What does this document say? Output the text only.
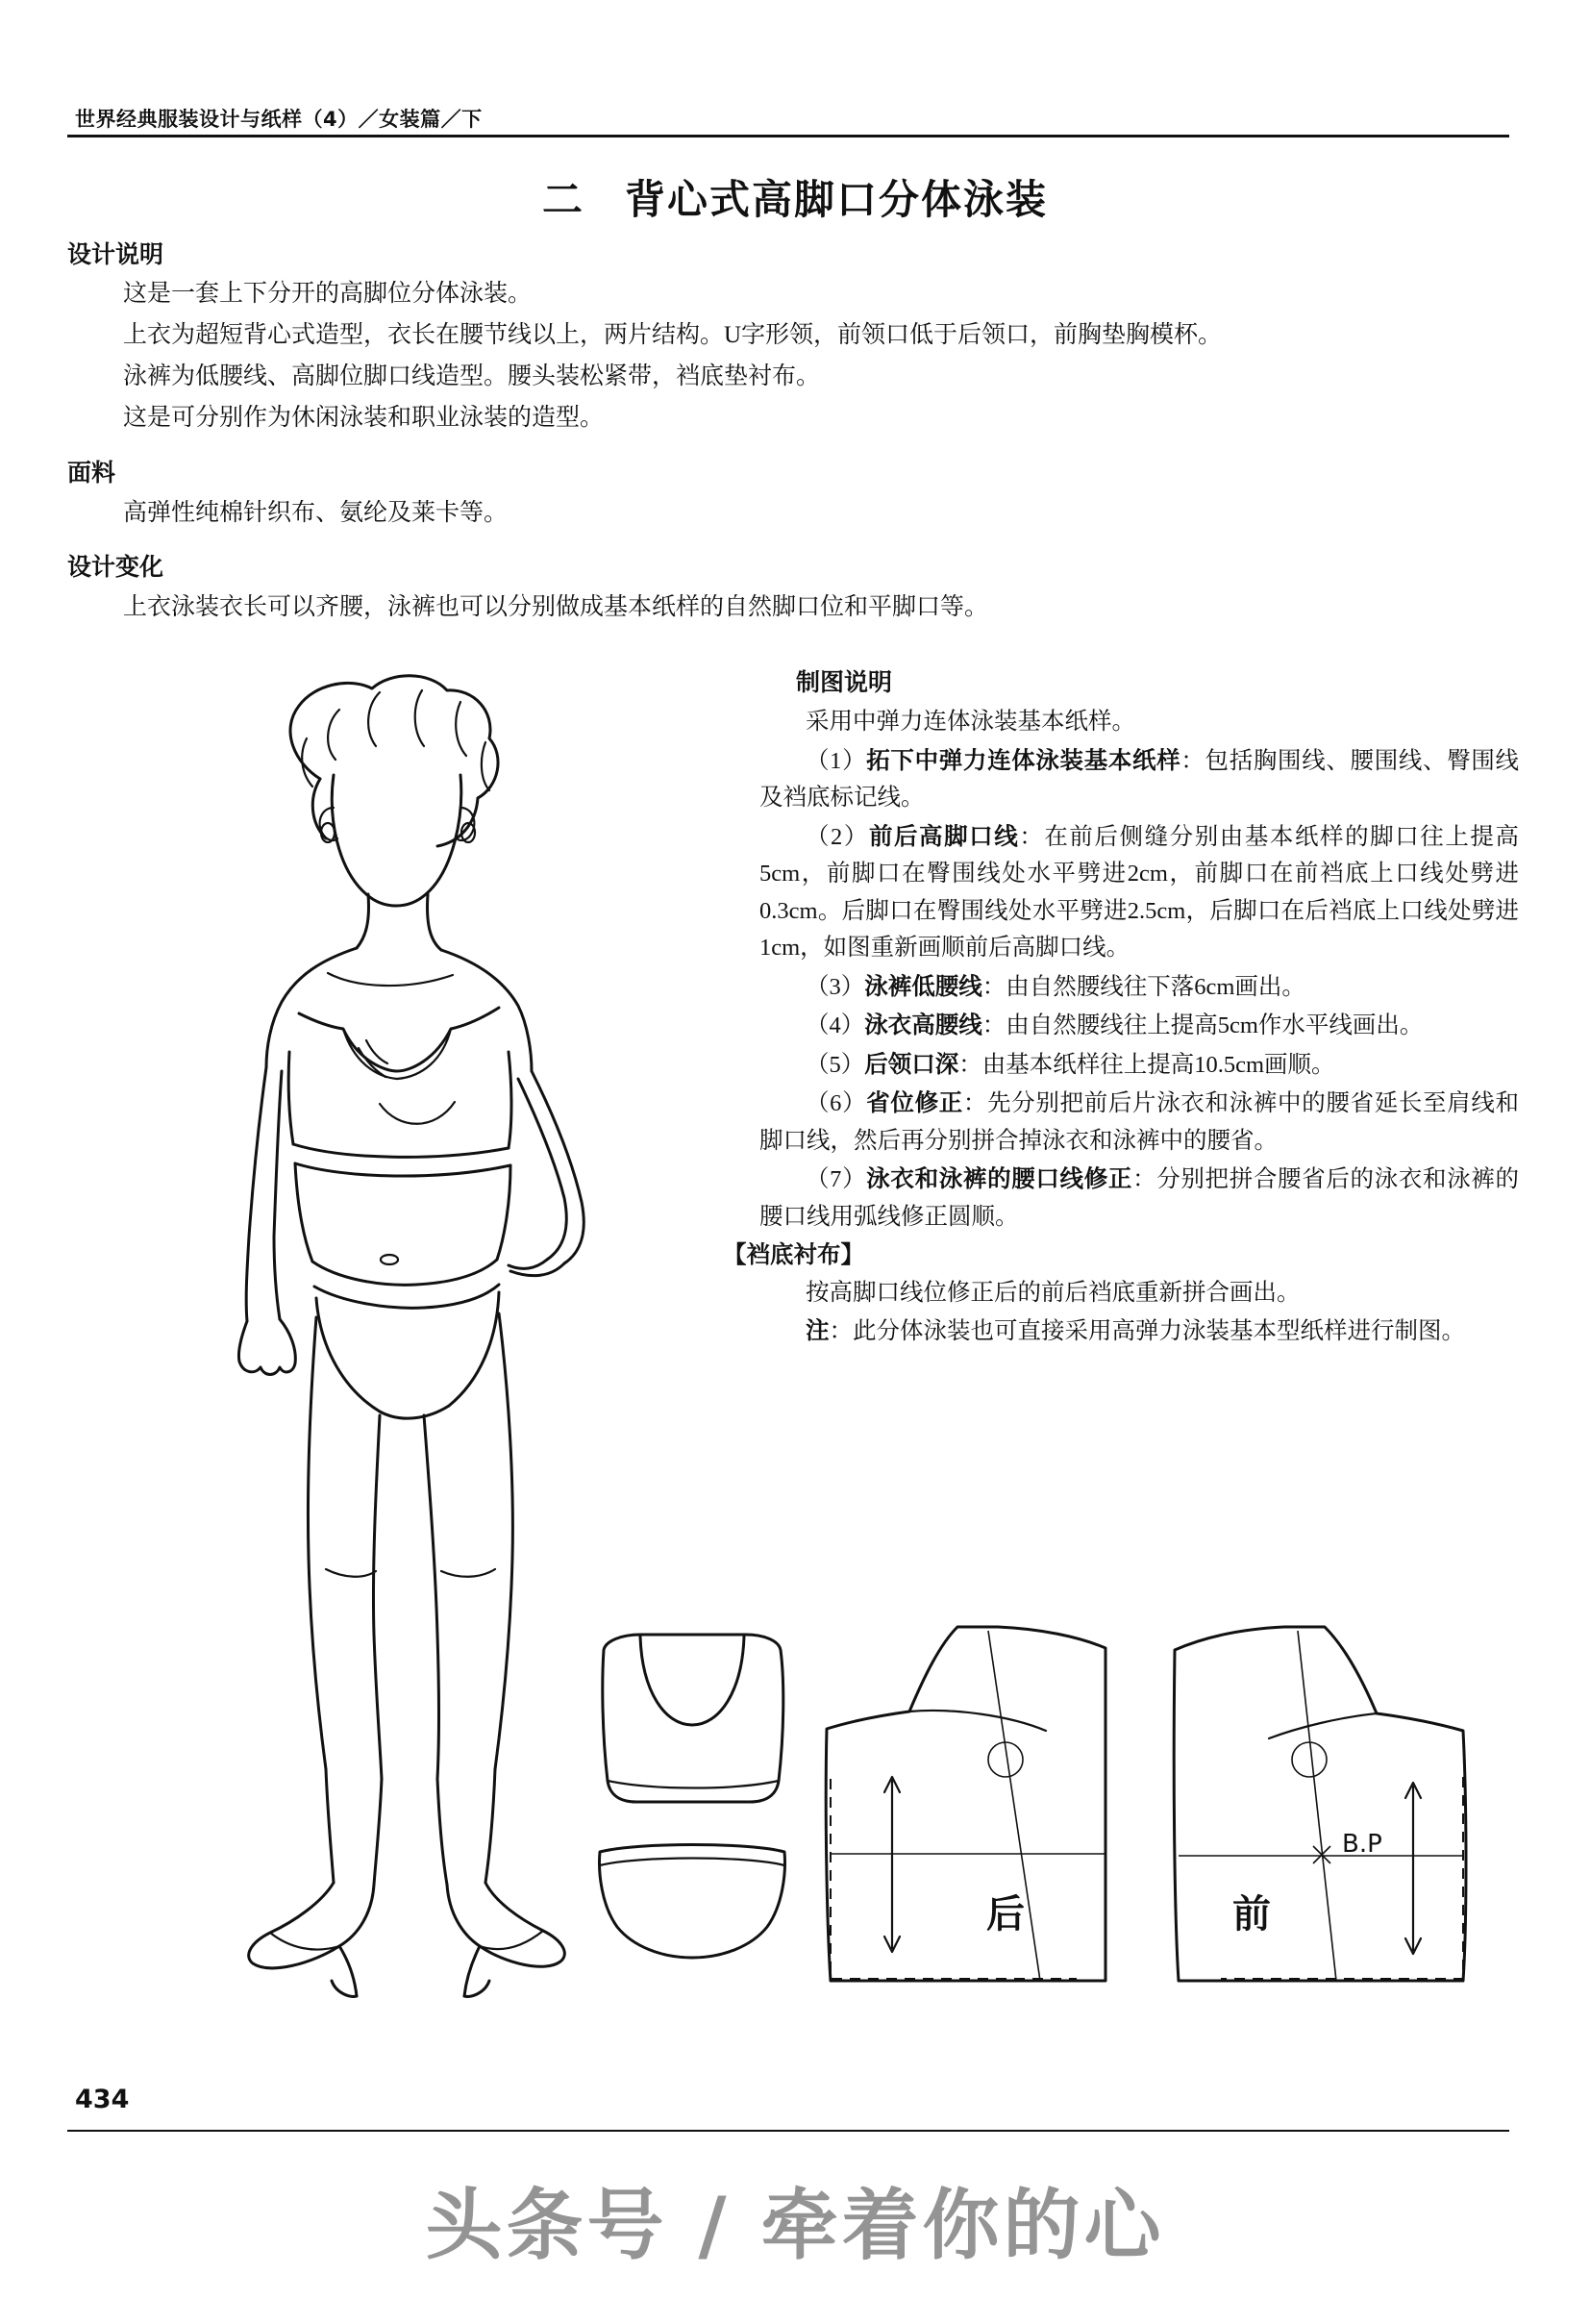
世界经典服装设计与纸样（4）／女装篇／下
二 背心式高脚口分体泳装
设计说明
这是一套上下分开的高脚位分体泳装。
上衣为超短背心式造型，衣长在腰节线以上，两片结构。U字形领，前领口低于后领口，前胸垫胸模杯。
泳裤为低腰线、高脚位脚口线造型。腰头装松紧带，裆底垫衬布。
这是可分别作为休闲泳装和职业泳装的造型。
面料
高弹性纯棉针织布、氨纶及莱卡等。
设计变化
上衣泳装衣长可以齐腰，泳裤也可以分别做成基本纸样的自然脚口位和平脚口等。
制图说明

采用中弹力连体泳装基本纸样。

（1）拓下中弹力连体泳装基本纸样：包括胸围线、腰围线、臀围线及裆底标记线。

（2）前后高脚口线：在前后侧缝分别由基本纸样的脚口往上提高5cm，前脚口在臀围线处水平劈进2cm，前脚口在前裆底上口线处劈进0.3cm。后脚口在臀围线处水平劈进2.5cm，后脚口在后裆底上口线处劈进1cm，如图重新画顺前后高脚口线。

（3）泳裤低腰线：由自然腰线往下落6cm画出。

（4）泳衣高腰线：由自然腰线往上提高5cm作水平线画出。

（5）后领口深：由基本纸样往上提高10.5cm画顺。

（6）省位修正：先分别把前后片泳衣和泳裤中的腰省延长至肩线和脚口线，然后再分别拼合掉泳衣和泳裤中的腰省。

（7）泳衣和泳裤的腰口线修正：分别把拼合腰省后的泳衣和泳裤的腰口线用弧线修正圆顺。

【裆底衬布】

按高脚口线位修正后的前后裆底重新拼合画出。

注：此分体泳装也可直接采用高弹力泳装基本型纸样进行制图。

后
B.P
前
434
头条号 / 牵着你的心
